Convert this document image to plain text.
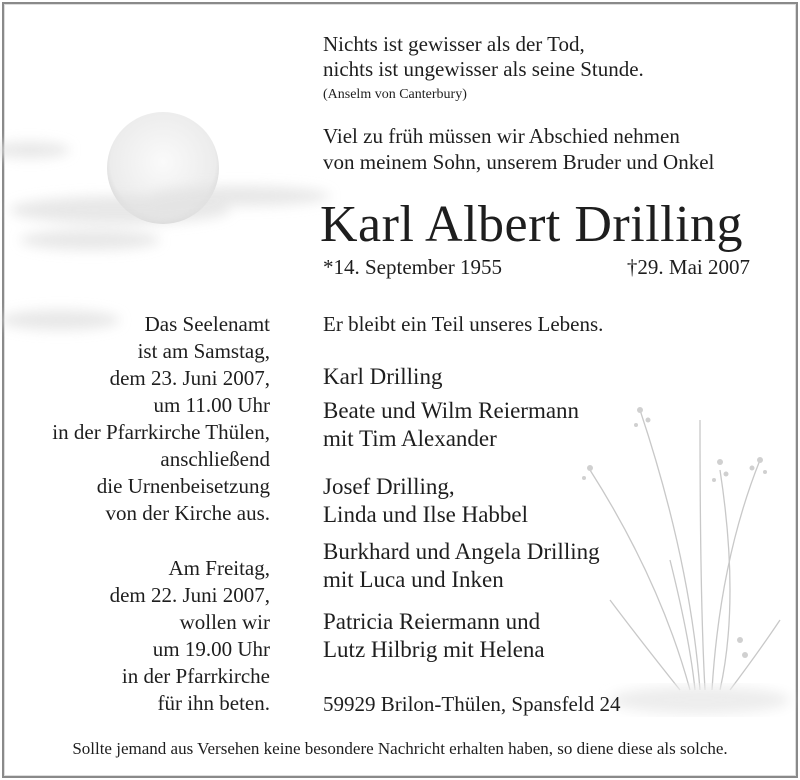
Nichts ist gewisser als der Tod,
nichts ist ungewisser als seine Stunde.
(Anselm von Canterbury)
Viel zu früh müssen wir Abschied nehmen
von meinem Sohn, unserem Bruder und Onkel
Karl Albert Drilling
*14. September 1955	†29. Mai 2007
Das Seelenamt
ist am Samstag,
dem 23. Juni 2007,
um 11.00 Uhr
in der Pfarrkirche Thülen,
anschließend
die Urnenbeisetzung
von der Kirche aus.
Am Freitag,
dem 22. Juni 2007,
wollen wir
um 19.00 Uhr
in der Pfarrkirche
für ihn beten.
Er bleibt ein Teil unseres Lebens.
Karl Drilling
Beate und Wilm Reiermann
mit Tim Alexander
Josef Drilling,
Linda und Ilse Habbel
Burkhard und Angela Drilling
mit Luca und Inken
Patricia Reiermann und
Lutz Hilbrig mit Helena
59929 Brilon-Thülen, Spansfeld 24
Sollte jemand aus Versehen keine besondere Nachricht erhalten haben, so diene diese als solche.
